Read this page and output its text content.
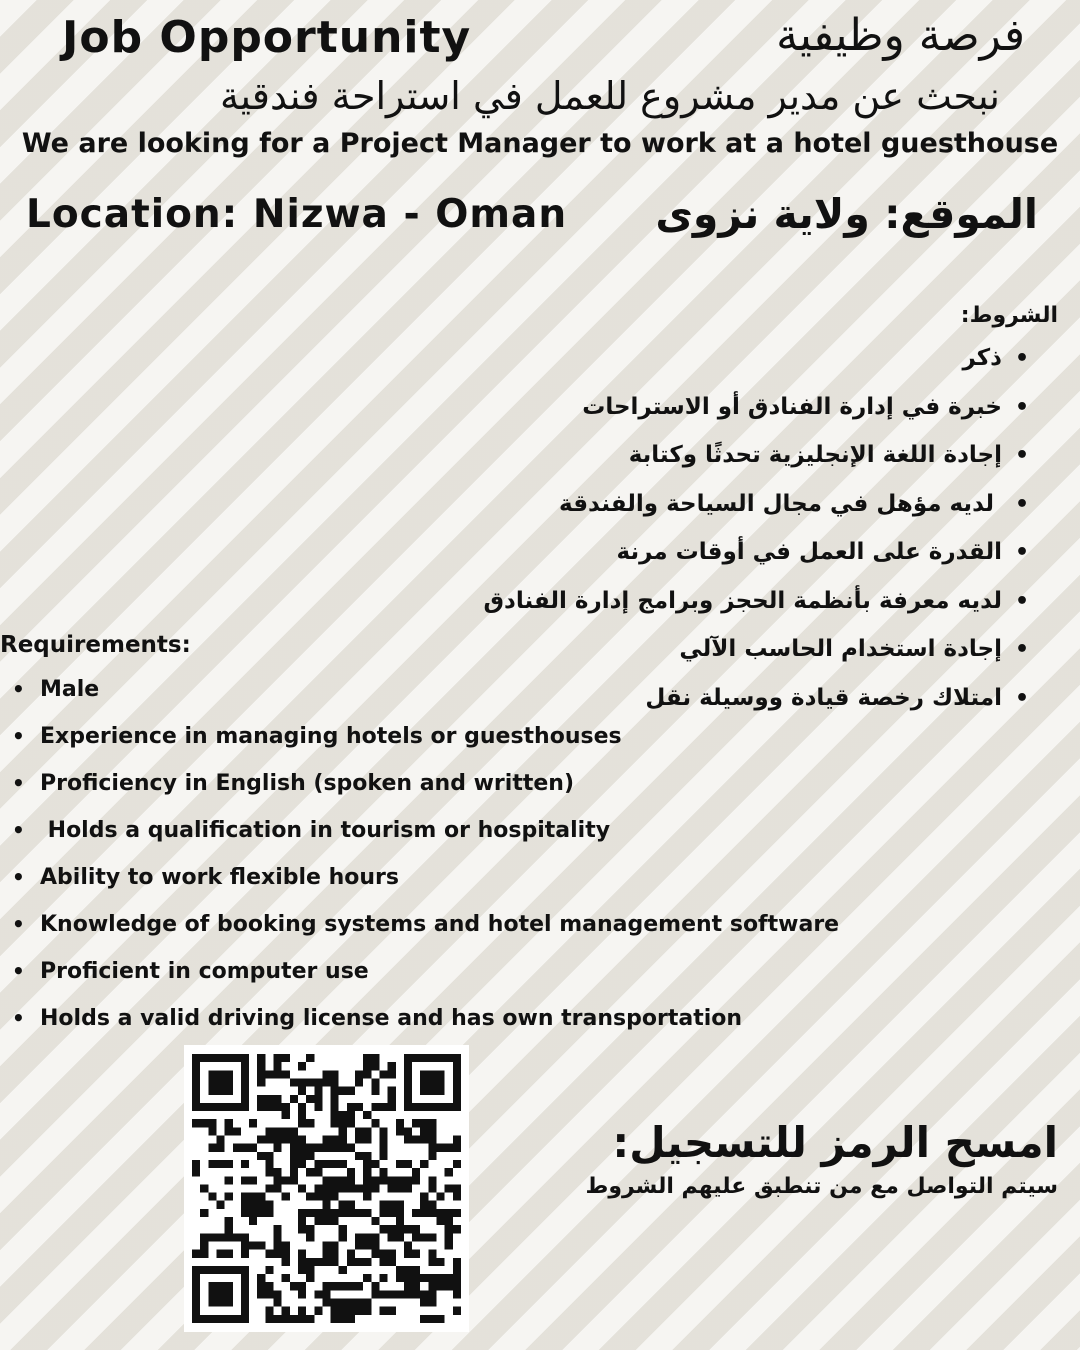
Job Opportunity	فرصة وظيفية
نبحث عن مدير مشروع للعمل في استراحة فندقية
We are looking for a Project Manager to work at a hotel guesthouse
Location: Nizwa - Oman الموقع: ولاية نزوى
الشروط:
• ذكر
• خبرة في إدارة الفنادق أو الاستراحات
• إجادة اللغة الإنجليزية تحدثًا وكتابة
• لديه مؤهل في مجال السياحة والفندقة
• القدرة على العمل في أوقات مرنة
• لديه معرفة بأنظمة الحجز وبرامج إدارة الفنادق
• إجادة استخدام الحاسب الآلي
• امتلاك رخصة قيادة ووسيلة نقل
Requirements:
• Male
• Experience in managing hotels or guesthouses
• Proficiency in English (spoken and written)
• Holds a qualification in tourism or hospitality
• Ability to work flexible hours
• Knowledge of booking systems and hotel management software
• Proficient in computer use
• Holds a valid driving license and has own transportation
امسح الرمز للتسجيل:
سيتم التواصل مع من تنطبق عليهم الشروط
